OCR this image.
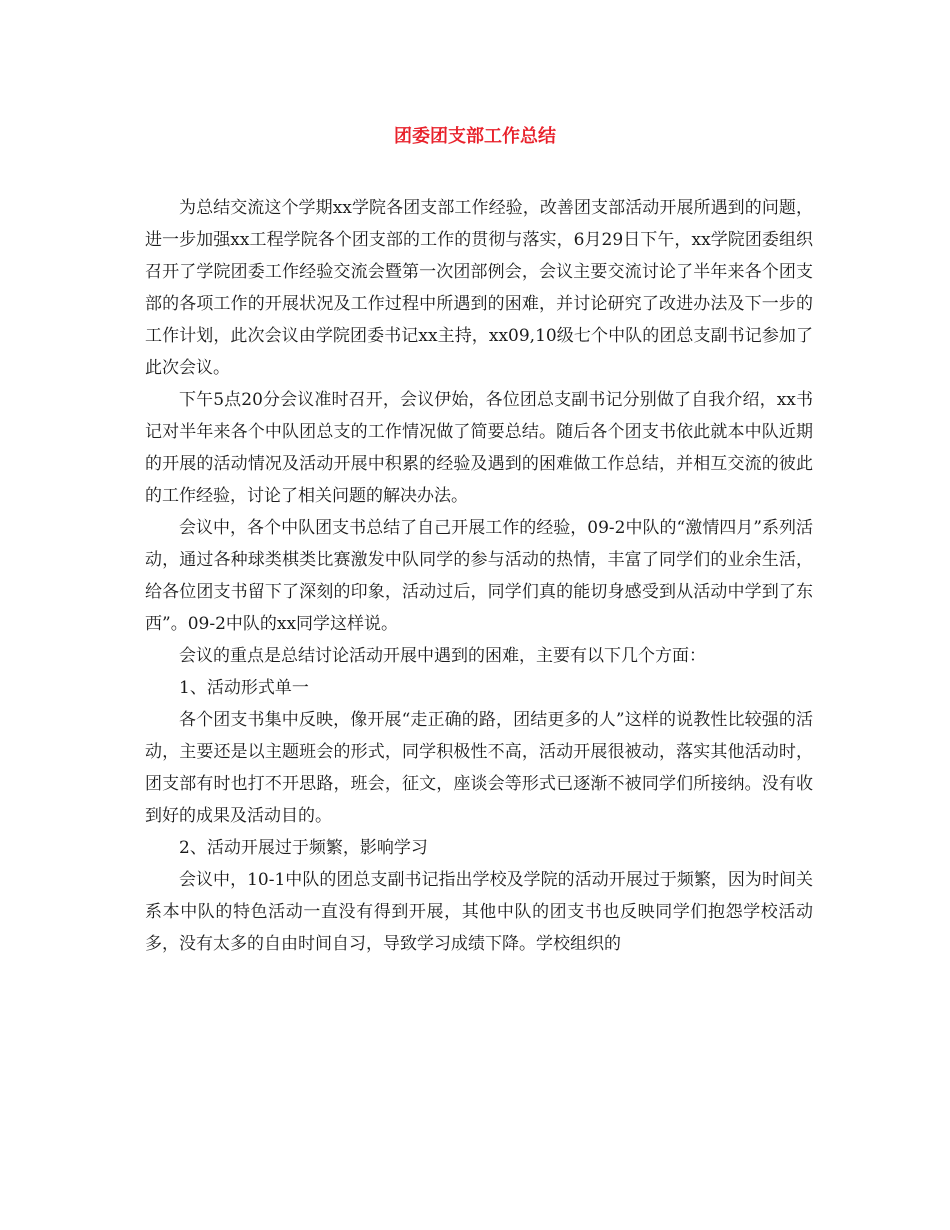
团委团支部工作总结

为总结交流这个学期xx学院各团支部工作经验，改善团支部活动开展所遇到的问题，进一步加强xx工程学院各个团支部的工作的贯彻与落实，6月29日下午，xx学院团委组织召开了学院团委工作经验交流会暨第一次团部例会，会议主要交流讨论了半年来各个团支部的各项工作的开展状况及工作过程中所遇到的困难，并讨论研究了改进办法及下一步的工作计划，此次会议由学院团委书记xx主持，xx09,10级七个中队的团总支副书记参加了此次会议。

下午5点20分会议准时召开，会议伊始，各位团总支副书记分别做了自我介绍，xx书记对半年来各个中队团总支的工作情况做了简要总结。随后各个团支书依此就本中队近期的开展的活动情况及活动开展中积累的经验及遇到的困难做工作总结，并相互交流的彼此的工作经验，讨论了相关问题的解决办法。

会议中，各个中队团支书总结了自己开展工作的经验，09-2中队的“激情四月”系列活动，通过各种球类棋类比赛激发中队同学的参与活动的热情，丰富了同学们的业余生活，给各位团支书留下了深刻的印象，活动过后，同学们真的能切身感受到从活动中学到了东西”。09-2中队的xx同学这样说。

会议的重点是总结讨论活动开展中遇到的困难，主要有以下几个方面：

1、活动形式单一

各个团支书集中反映，像开展“走正确的路，团结更多的人”这样的说教性比较强的活动，主要还是以主题班会的形式，同学积极性不高，活动开展很被动，落实其他活动时，团支部有时也打不开思路，班会，征文，座谈会等形式已逐渐不被同学们所接纳。没有收到好的成果及活动目的。

2、活动开展过于频繁，影响学习

会议中，10-1中队的团总支副书记指出学校及学院的活动开展过于频繁，因为时间关系本中队的特色活动一直没有得到开展，其他中队的团支书也反映同学们抱怨学校活动多，没有太多的自由时间自习，导致学习成绩下降。学校组织的
